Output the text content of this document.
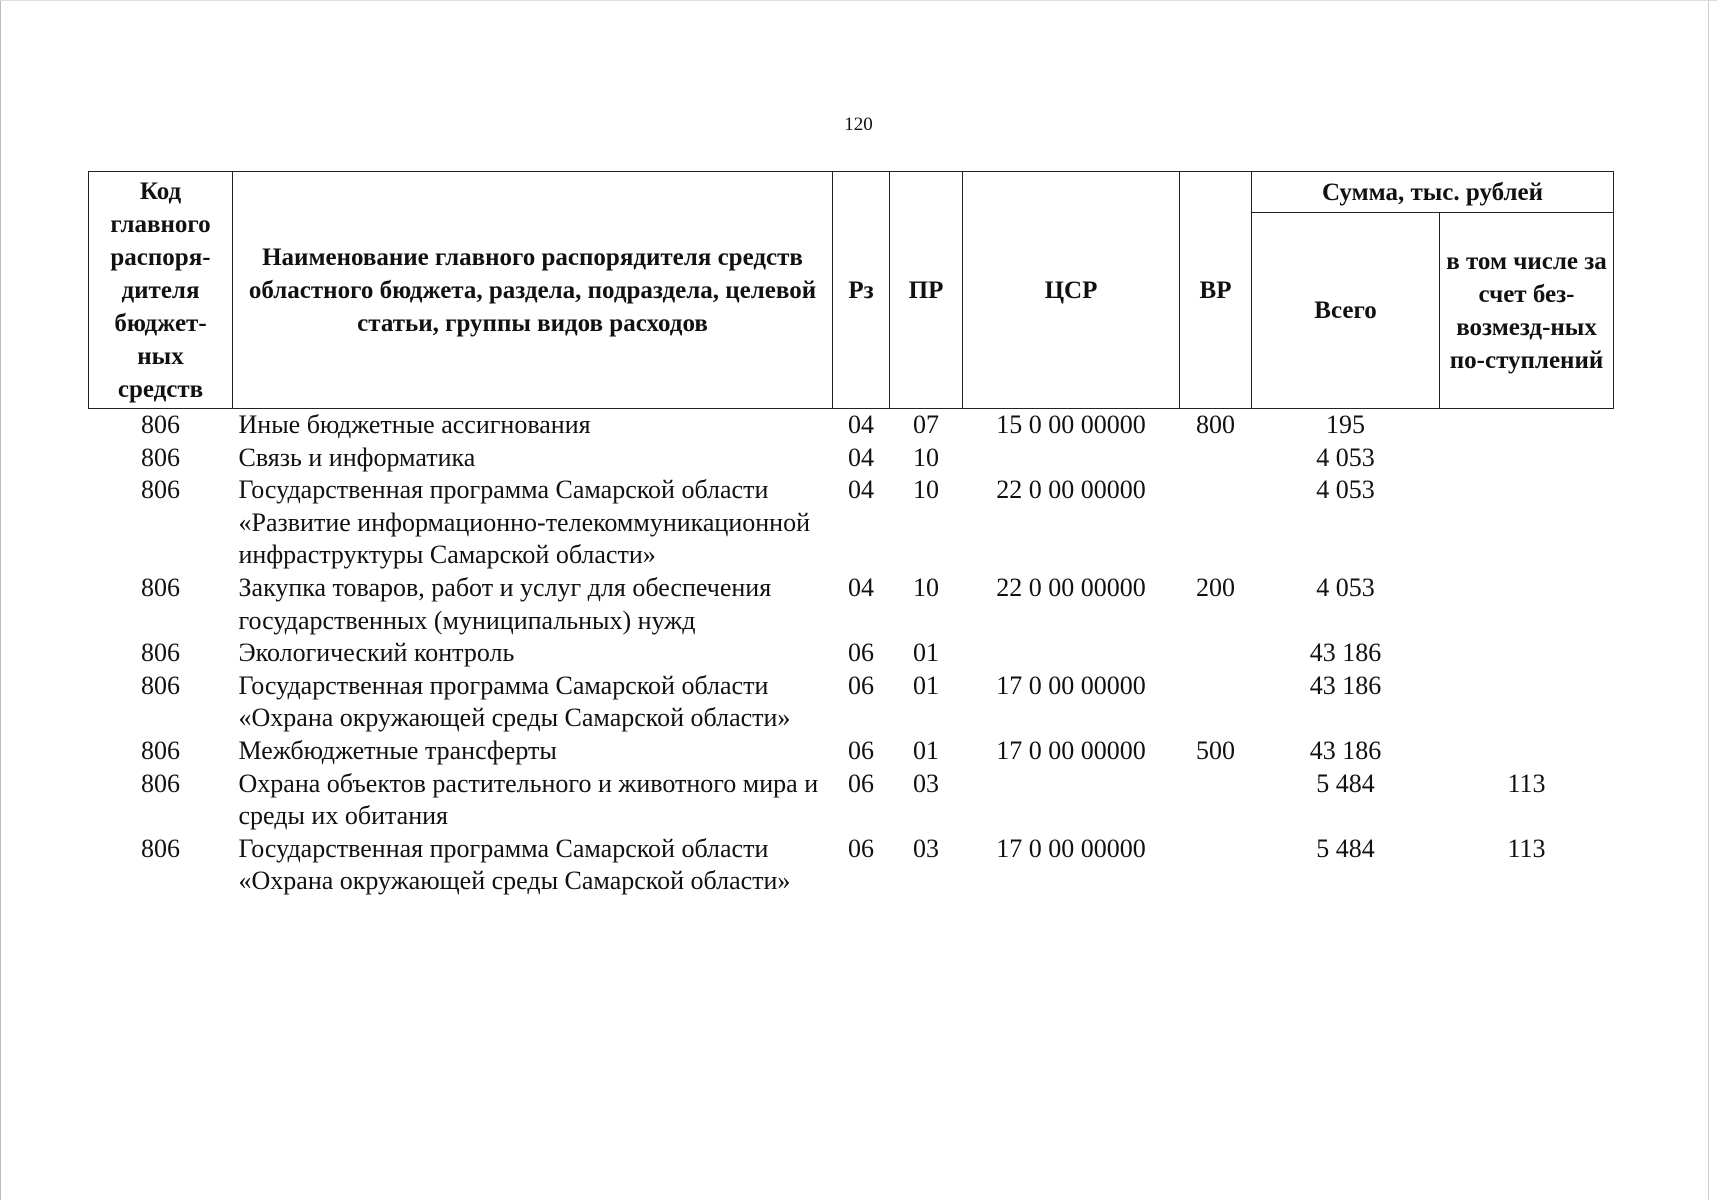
120
Код главного распоря-дителя бюджет-ных средств	Наименование главного распорядителя средств областного бюджета, раздела, подраздела, целевой статьи, группы видов расходов	Рз	ПР	ЦСР	ВР	Сумма, тыс. рублей	
						Всего	в том числе за счет без-возмезд-ных по-ступлений
806	Иные бюджетные ассигнования	04	07	15 0 00 00000	800	195	
806	Связь и информатика	04	10			4 053	
806	Государственная программа Самарской области «Развитие информационно-телекоммуникационной инфраструктуры Самарской области»	04	10	22 0 00 00000		4 053	
806	Закупка товаров, работ и услуг для обеспечения государственных (муниципальных) нужд	04	10	22 0 00 00000	200	4 053	
806	Экологический контроль	06	01			43 186	
806	Государственная программа Самарской области «Охрана окружающей среды Самарской области»	06	01	17 0 00 00000		43 186	
806	Межбюджетные трансферты	06	01	17 0 00 00000	500	43 186	
806	Охрана объектов растительного и животного мира и среды их обитания	06	03			5 484	113
806	Государственная программа Самарской области «Охрана окружающей среды Самарской области»	06	03	17 0 00 00000		5 484	113
